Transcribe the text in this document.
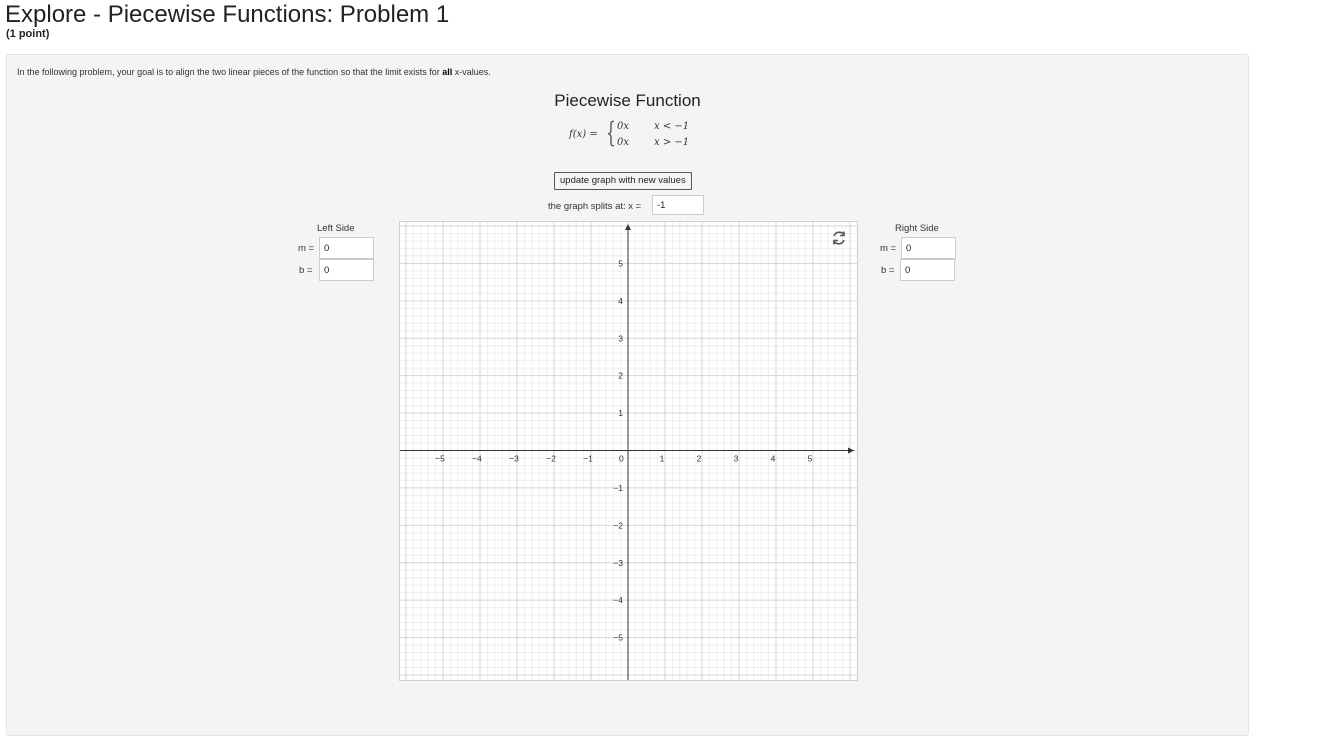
Explore - Piecewise Functions: Problem 1
(1 point)
In the following problem, your goal is to align the two linear pieces of the function so that the limit exists for all x-values.
Piecewise Function
f(x) = { 0x x < −1
0x x > −1
update graph with new values
the graph splits at: x =
-1
Left Side
m =
0
b =
0
Right Side
m =
0
b =
0
−5	−4	−3	−2	−1	0	1	2	3	4	5
5
4
3
2
1
−1
−2
−3
−4
−5
